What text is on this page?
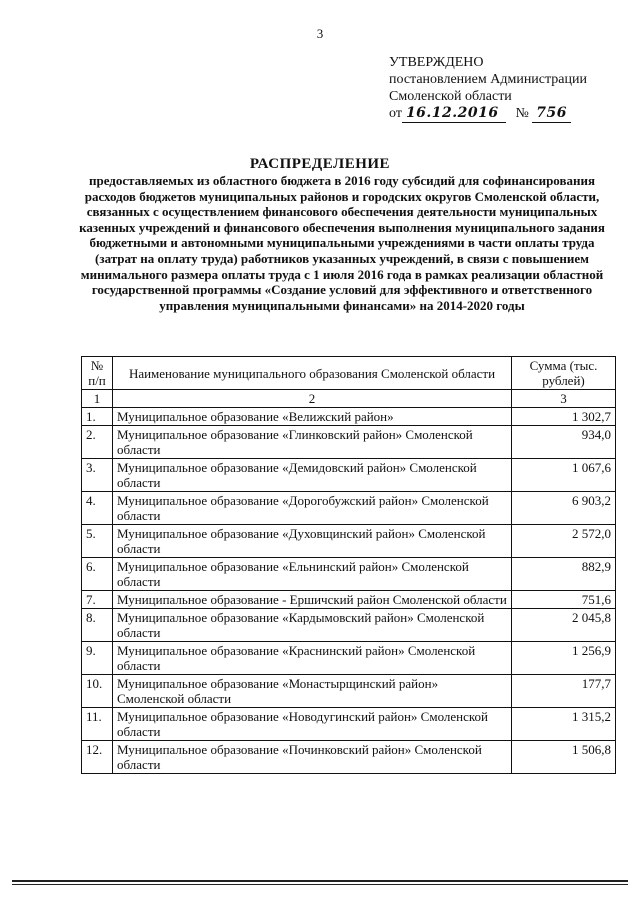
3
УТВЕРЖДЕНО
постановлением Администрации
Смоленской области
от 16.12.2016 № 756
РАСПРЕДЕЛЕНИЕ
предоставляемых из областного бюджета в 2016 году субсидий для софинансирования расходов бюджетов муниципальных районов и городских округов Смоленской области, связанных с осуществлением финансового обеспечения деятельности муниципальных казенных учреждений и финансового обеспечения выполнения муниципального задания бюджетными и автономными муниципальными учреждениями в части оплаты труда (затрат на оплату труда) работников указанных учреждений, в связи с повышением минимального размера оплаты труда с 1 июля 2016 года в рамках реализации областной государственной программы «Создание условий для эффективного и ответственного управления муниципальными финансами» на 2014-2020 годы
№ п/п	Наименование муниципального образования Смоленской области	Сумма (тыс. рублей)
1	2	3
1.	Муниципальное образование «Велижский район»	1 302,7
2.	Муниципальное образование «Глинковский район» Смоленской области	934,0
3.	Муниципальное образование «Демидовский район» Смоленской области	1 067,6
4.	Муниципальное образование «Дорогобужский район» Смоленской области	6 903,2
5.	Муниципальное образование «Духовщинский район» Смоленской области	2 572,0
6.	Муниципальное образование «Ельнинский район» Смоленской области	882,9
7.	Муниципальное образование - Ершичский район Смоленской области	751,6
8.	Муниципальное образование «Кардымовский район» Смоленской области	2 045,8
9.	Муниципальное образование «Краснинский район» Смоленской области	1 256,9
10.	Муниципальное образование «Монастырщинский район» Смоленской области	177,7
11.	Муниципальное образование «Новодугинский район» Смоленской области	1 315,2
12.	Муниципальное образование «Починковский район» Смоленской области	1 506,8
